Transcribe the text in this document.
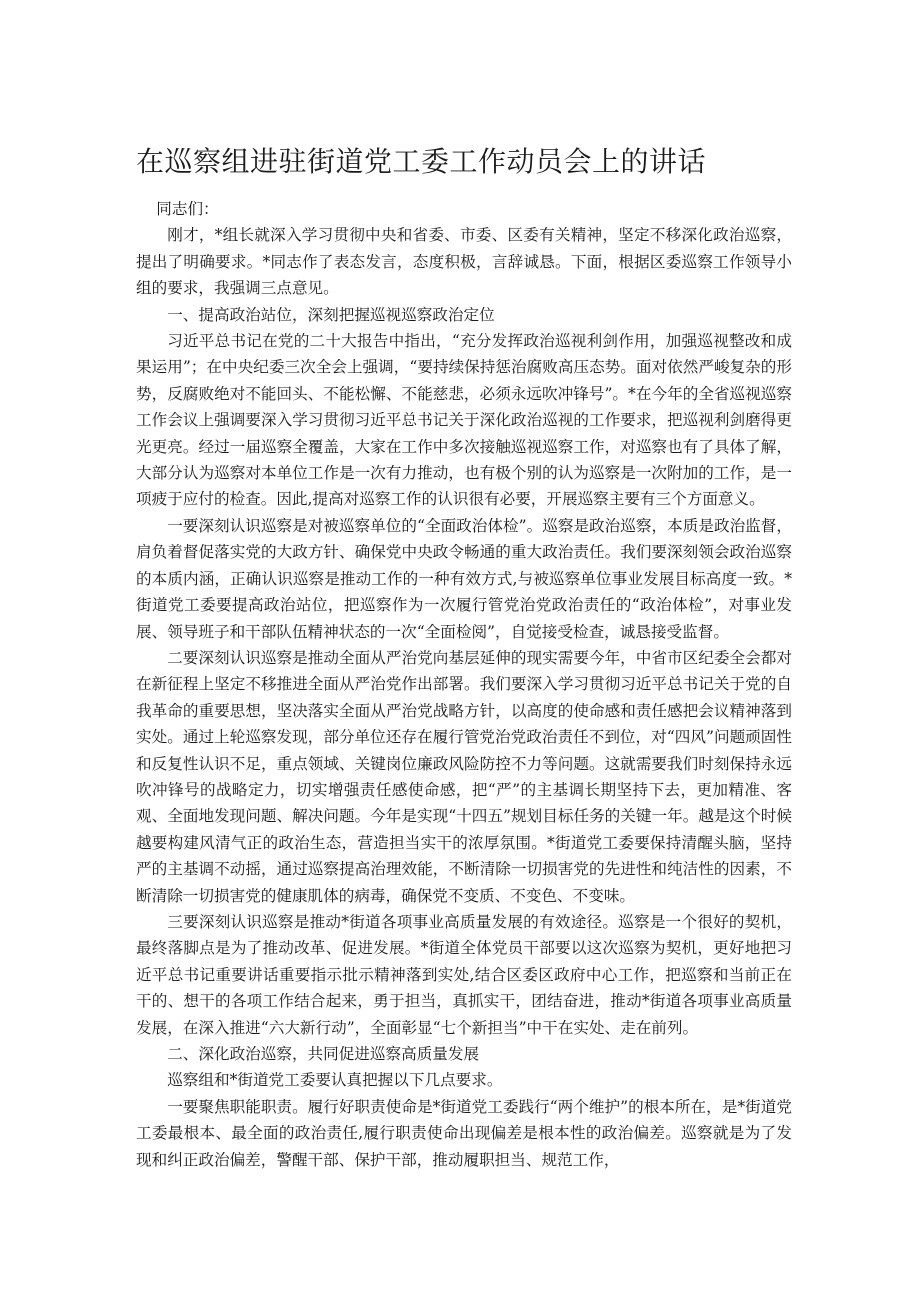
在巡察组进驻街道党工委工作动员会上的讲话

同志们：

刚才，*组长就深入学习贯彻中央和省委、市委、区委有关精神，坚定不移深化政治巡察，提出了明确要求。*同志作了表态发言，态度积极，言辞诚恳。下面，根据区委巡察工作领导小组的要求，我强调三点意见。

一、提高政治站位，深刻把握巡视巡察政治定位

习近平总书记在党的二十大报告中指出，“充分发挥政治巡视利剑作用，加强巡视整改和成果运用”；在中央纪委三次全会上强调，“要持续保持惩治腐败高压态势。面对依然严峻复杂的形势，反腐败绝对不能回头、不能松懈、不能慈悲，必须永远吹冲锋号”。*在今年的全省巡视巡察工作会议上强调要深入学习贯彻习近平总书记关于深化政治巡视的工作要求，把巡视利剑磨得更光更亮。经过一届巡察全覆盖，大家在工作中多次接触巡视巡察工作，对巡察也有了具体了解，大部分认为巡察对本单位工作是一次有力推动，也有极个别的认为巡察是一次附加的工作，是一项疲于应付的检查。因此,提高对巡察工作的认识很有必要，开展巡察主要有三个方面意义。

一要深刻认识巡察是对被巡察单位的“全面政治体检”。巡察是政治巡察，本质是政治监督，肩负着督促落实党的大政方针、确保党中央政令畅通的重大政治责任。我们要深刻领会政治巡察的本质内涵，正确认识巡察是推动工作的一种有效方式,与被巡察单位事业发展目标高度一致。*街道党工委要提高政治站位，把巡察作为一次履行管党治党政治责任的“政治体检”，对事业发展、领导班子和干部队伍精神状态的一次“全面检阅”，自觉接受检查，诚恳接受监督。

二要深刻认识巡察是推动全面从严治党向基层延伸的现实需要今年，中省市区纪委全会都对在新征程上坚定不移推进全面从严治党作出部署。我们要深入学习贯彻习近平总书记关于党的自我革命的重要思想，坚决落实全面从严治党战略方针，以高度的使命感和责任感把会议精神落到实处。通过上轮巡察发现，部分单位还存在履行管党治党政治责任不到位，对“四风”问题顽固性和反复性认识不足，重点领域、关键岗位廉政风险防控不力等问题。这就需要我们时刻保持永远吹冲锋号的战略定力，切实增强责任感使命感，把“严”的主基调长期坚持下去，更加精准、客观、全面地发现问题、解决问题。今年是实现“十四五”规划目标任务的关键一年。越是这个时候越要构建风清气正的政治生态，营造担当实干的浓厚氛围。*街道党工委要保持清醒头脑，坚持严的主基调不动摇，通过巡察提高治理效能，不断清除一切损害党的先进性和纯洁性的因素，不断清除一切损害党的健康肌体的病毒，确保党不变质、不变色、不变味。

三要深刻认识巡察是推动*街道各项事业高质量发展的有效途径。巡察是一个很好的契机，最终落脚点是为了推动改革、促进发展。*街道全体党员干部要以这次巡察为契机，更好地把习近平总书记重要讲话重要指示批示精神落到实处,结合区委区政府中心工作，把巡察和当前正在干的、想干的各项工作结合起来，勇于担当，真抓实干，团结奋进，推动*街道各项事业高质量发展，在深入推进“六大新行动”，全面彰显“七个新担当”中干在实处、走在前列。

二、深化政治巡察，共同促进巡察高质量发展

巡察组和*街道党工委要认真把握以下几点要求。

一要聚焦职能职责。履行好职责使命是*街道党工委践行“两个维护”的根本所在，是*街道党工委最根本、最全面的政治责任,履行职责使命出现偏差是根本性的政治偏差。巡察就是为了发现和纠正政治偏差，警醒干部、保护干部，推动履职担当、规范工作，
